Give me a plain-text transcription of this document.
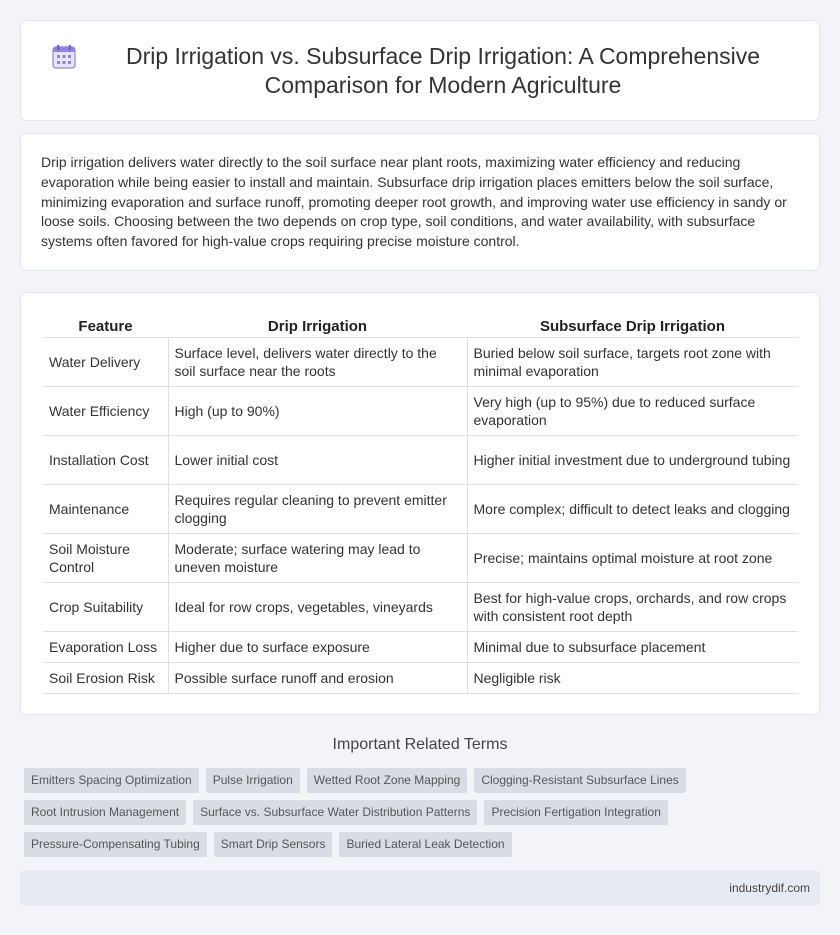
Drip Irrigation vs. Subsurface Drip Irrigation: A Comprehensive Comparison for Modern Agriculture

Drip irrigation delivers water directly to the soil surface near plant roots, maximizing water efficiency and reducing evaporation while being easier to install and maintain. Subsurface drip irrigation places emitters below the soil surface, minimizing evaporation and surface runoff, promoting deeper root growth, and improving water use efficiency in sandy or loose soils. Choosing between the two depends on crop type, soil conditions, and water availability, with subsurface systems often favored for high-value crops requiring precise moisture control.

Feature	Drip Irrigation	Subsurface Drip Irrigation
Water Delivery	Surface level, delivers water directly to the soil surface near the roots	Buried below soil surface, targets root zone with minimal evaporation
Water Efficiency	High (up to 90%)	Very high (up to 95%) due to reduced surface evaporation
Installation Cost	Lower initial cost	Higher initial investment due to underground tubing
Maintenance	Requires regular cleaning to prevent emitter clogging	More complex; difficult to detect leaks and clogging
Soil Moisture Control	Moderate; surface watering may lead to uneven moisture	Precise; maintains optimal moisture at root zone
Crop Suitability	Ideal for row crops, vegetables, vineyards	Best for high-value crops, orchards, and row crops with consistent root depth
Evaporation Loss	Higher due to surface exposure	Minimal due to subsurface placement
Soil Erosion Risk	Possible surface runoff and erosion	Negligible risk
Important Related Terms
Emitters Spacing Optimization	Pulse Irrigation	Wetted Root Zone Mapping	Clogging-Resistant Subsurface Lines
Root Intrusion Management	Surface vs. Subsurface Water Distribution Patterns	Precision Fertigation Integration
Pressure-Compensating Tubing	Smart Drip Sensors	Buried Lateral Leak Detection
industrydif.com
